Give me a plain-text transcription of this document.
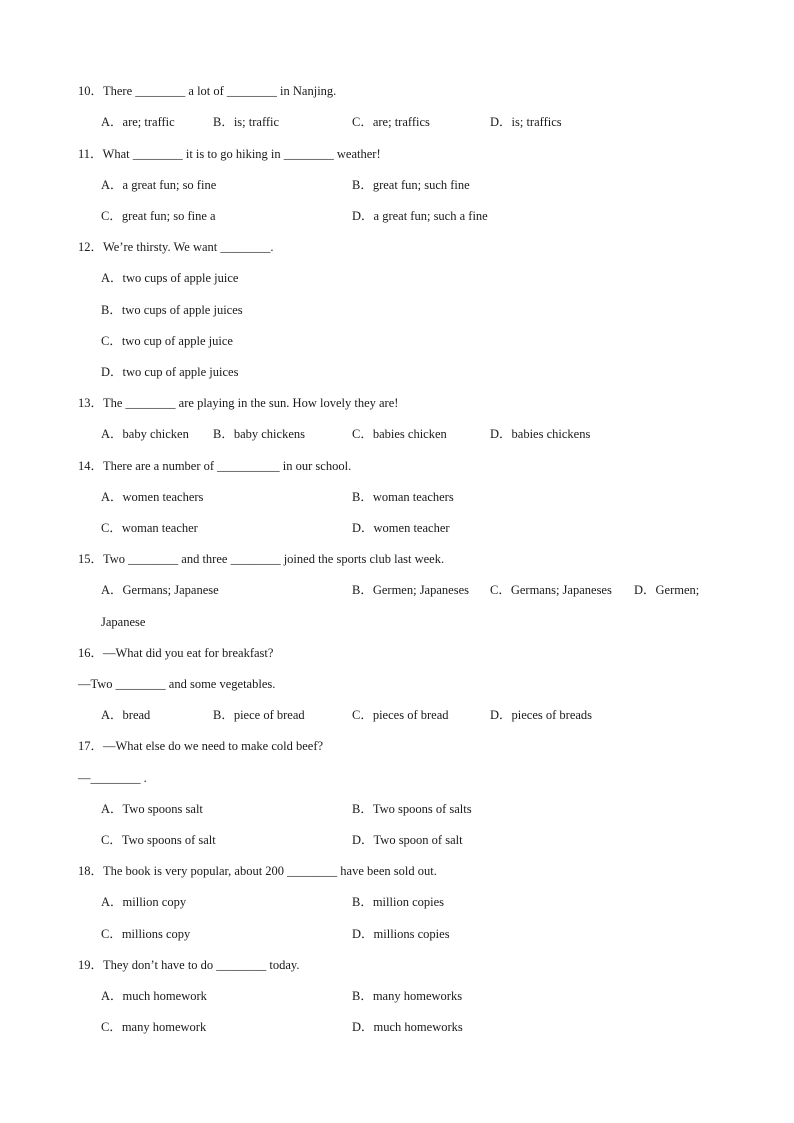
10．There ________ a lot of ________ in Nanjing.
A．are; traffic	B．is; traffic	C．are; traffics	D．is; traffics
11．What ________ it is to go hiking in ________ weather!
A．a great fun; so fine	B．great fun; such fine
C．great fun; so fine a	D．a great fun; such a fine
12．We’re thirsty. We want ________.
A．two cups of apple juice
B．two cups of apple juices
C．two cup of apple juice
D．two cup of apple juices
13．The ________ are playing in the sun. How lovely they are!
A．baby chicken B．baby chickens	C．babies chicken	D．babies chickens
14．There are a number of __________ in our school.
A．women teachers	B．woman teachers
C．woman teacher	D．women teacher
15．Two ________ and three ________ joined the sports club last week.
A．Germans; Japanese	B．Germen; Japaneses C．Germans; Japaneses D．Germen;
Japanese
16．—What did you eat for breakfast?
—Two ________ and some vegetables.
A．bread	B．piece of bread	C．pieces of bread	D．pieces of breads
17．—What else do we need to make cold beef?
—________ .
A．Two spoons salt	B．Two spoons of salts
C．Two spoons of salt	D．Two spoon of salt
18．The book is very popular, about 200 ________ have been sold out.
A．million copy	B．million copies
C．millions copy	D．millions copies
19．They don’t have to do ________ today.
A．much homework	B．many homeworks
C．many homework	D．much homeworks
